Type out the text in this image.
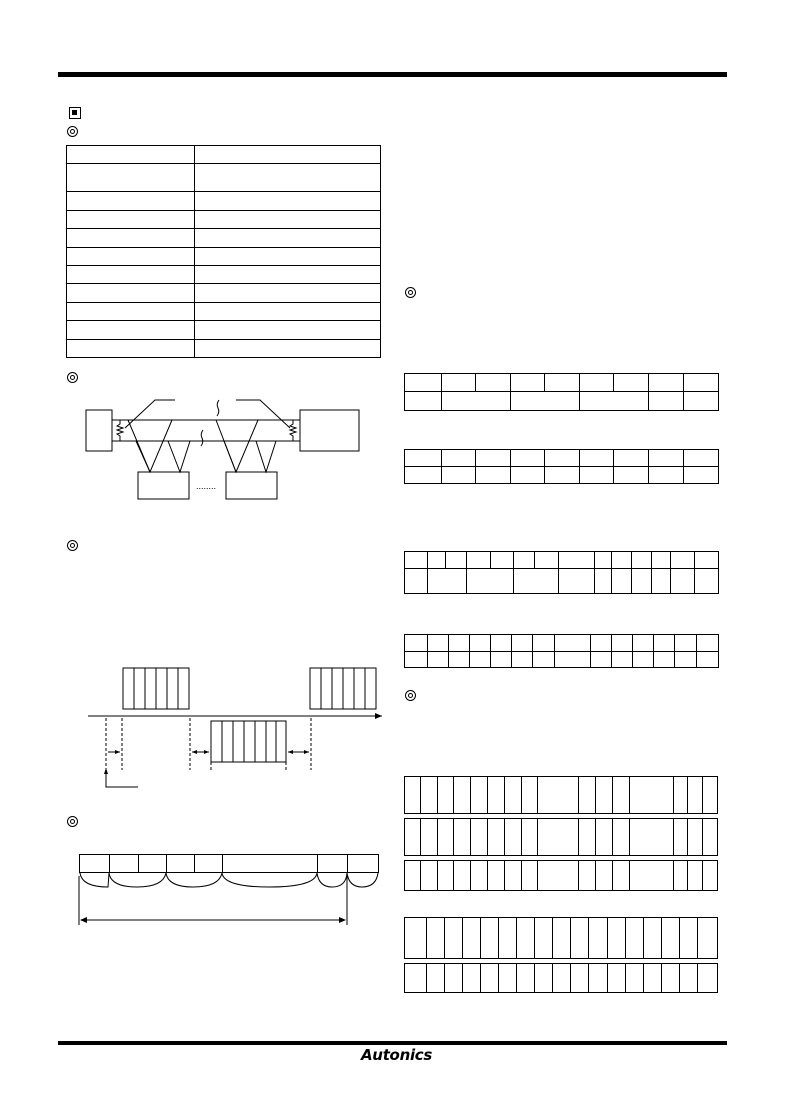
Autonics

........
